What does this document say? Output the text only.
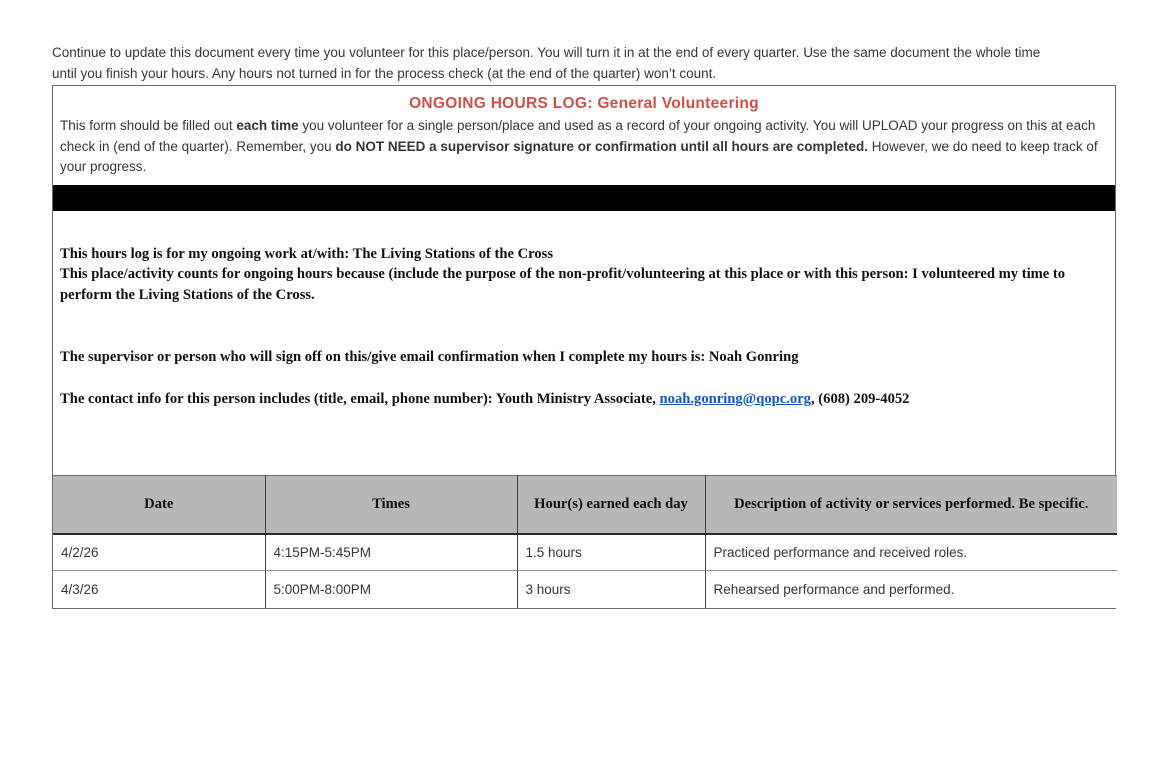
Continue to update this document every time you volunteer for this place/person. You will turn it in at the end of every quarter. Use the same document the whole time until you finish your hours. Any hours not turned in for the process check (at the end of the quarter) won’t count.

ONGOING HOURS LOG: General Volunteering
This form should be filled out each time you volunteer for a single person/place and used as a record of your ongoing activity. You will UPLOAD your progress on this at each check in (end of the quarter). Remember, you do NOT NEED a supervisor signature or confirmation until all hours are completed. However, we do need to keep track of your progress.

This hours log is for my ongoing work at/with: The Living Stations of the Cross

This place/activity counts for ongoing hours because (include the purpose of the non-profit/volunteering at this place or with this person: I volunteered my time to perform the Living Stations of the Cross.

The supervisor or person who will sign off on this/give email confirmation when I complete my hours is: Noah Gonring

The contact info for this person includes (title, email, phone number): Youth Ministry Associate, noah.gonring@qopc.org, (608) 209-4052

Date	Times	Hour(s) earned each day	Description of activity or services performed. Be specific.
4/2/26	4:15PM-5:45PM	1.5 hours	Practiced performance and received roles.
4/3/26	5:00PM-8:00PM	3 hours	Rehearsed performance and performed.
